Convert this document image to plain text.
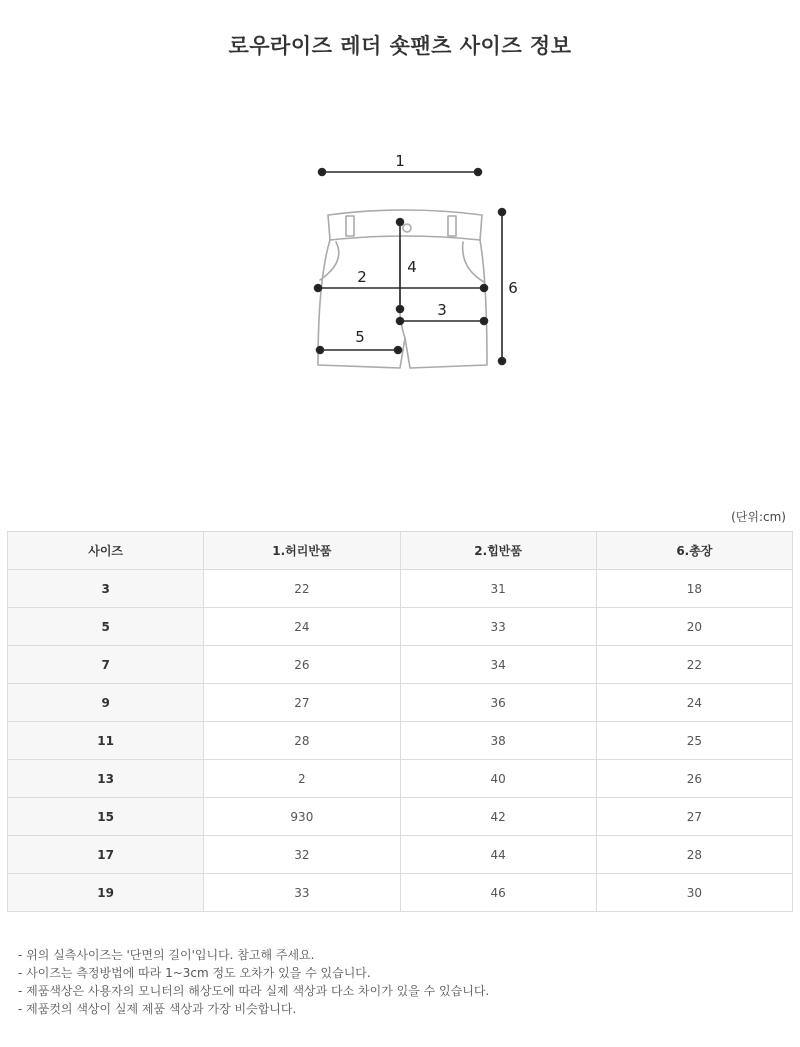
로우라이즈 레더 숏팬츠 사이즈 정보
1
2
3
4
5
6
(단위:cm)
사이즈	1.허리반품	2.힙반품	6.총장
3	22	31	18
5	24	33	20
7	26	34	22
9	27	36	24
11	28	38	25
13	2	40	26
15	930	42	27
17	32	44	28
19	33	46	30
- 위의 실측사이즈는 '단면의 길이'입니다. 참고해 주세요.
- 사이즈는 측정방법에 따라 1~3cm 정도 오차가 있을 수 있습니다.
- 제품색상은 사용자의 모니터의 해상도에 따라 실제 색상과 다소 차이가 있을 수 있습니다.
- 제품컷의 색상이 실제 제품 색상과 가장 비슷합니다.
